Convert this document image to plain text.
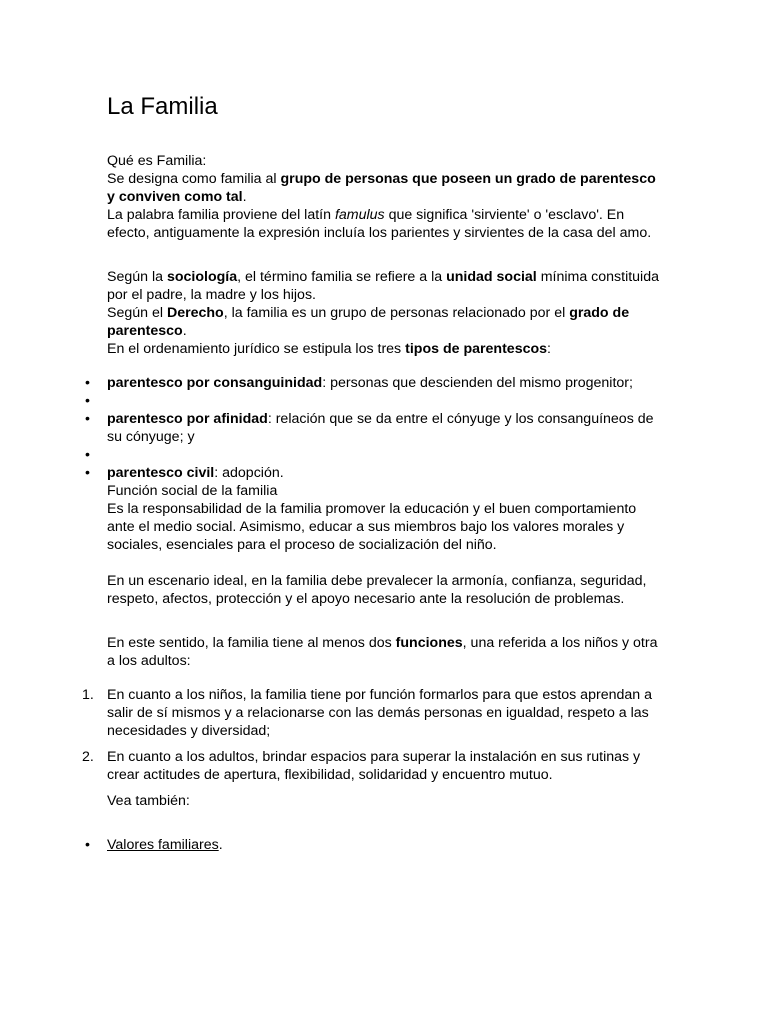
La Familia

Qué es Familia:

Se designa como familia al grupo de personas que poseen un grado de parentesco y conviven como tal.

La palabra familia proviene del latín famulus que significa 'sirviente' o 'esclavo'. En efecto, antiguamente la expresión incluía los parientes y sirvientes de la casa del amo.

Según la sociología, el término familia se refiere a la unidad social mínima constituida por el padre, la madre y los hijos.

Según el Derecho, la familia es un grupo de personas relacionado por el grado de parentesco.

En el ordenamiento jurídico se estipula los tres tipos de parentescos:

•	parentesco por consanguinidad: personas que descienden del mismo progenitor;
•
•	parentesco por afinidad: relación que se da entre el cónyuge y los consanguíneos de su cónyuge; y
•
•	parentesco civil: adopción.
Función social de la familia
Es la responsabilidad de la familia promover la educación y el buen comportamiento ante el medio social. Asimismo, educar a sus miembros bajo los valores morales y sociales, esenciales para el proceso de socialización del niño.
En un escenario ideal, en la familia debe prevalecer la armonía, confianza, seguridad, respeto, afectos, protección y el apoyo necesario ante la resolución de problemas.
En este sentido, la familia tiene al menos dos funciones, una referida a los niños y otra a los adultos:
1. En cuanto a los niños, la familia tiene por función formarlos para que estos aprendan a salir de sí mismos y a relacionarse con las demás personas en igualdad, respeto a las necesidades y diversidad;
2. En cuanto a los adultos, brindar espacios para superar la instalación en sus rutinas y crear actitudes de apertura, flexibilidad, solidaridad y encuentro mutuo.
Vea también:
•	Valores familiares.
